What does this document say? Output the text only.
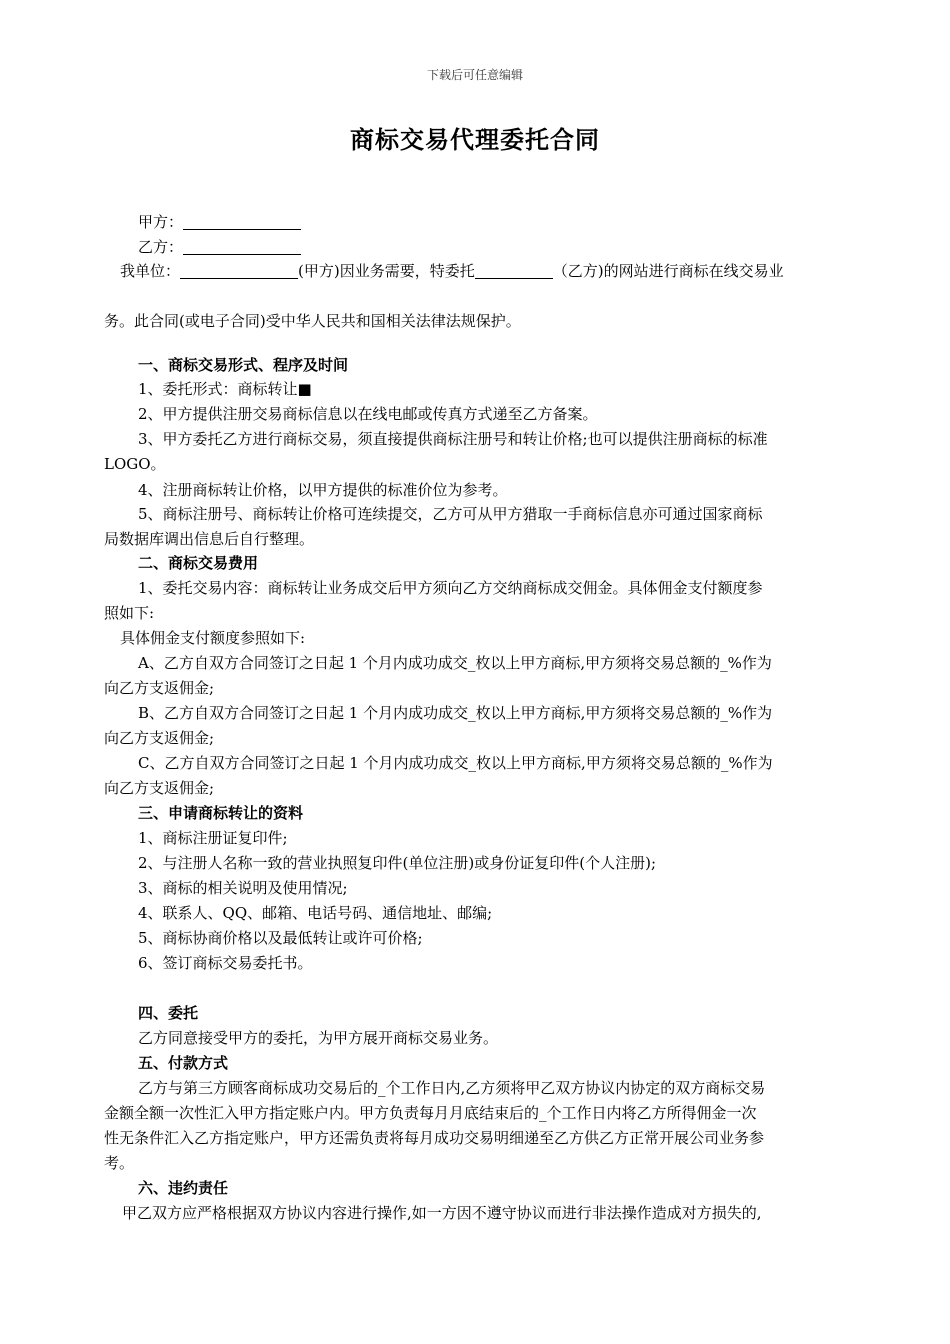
下载后可任意编辑
商标交易代理委托合同
甲方：
乙方：
我单位：	(甲方)因业务需要，特委托	（乙方)的网站进行商标在线交易业
务。此合同(或电子合同)受中华人民共和国相关法律法规保护。
一、商标交易形式、程序及时间
1、委托形式：商标转让■
2、甲方提供注册交易商标信息以在线电邮或传真方式递至乙方备案。
3、甲方委托乙方进行商标交易，须直接提供商标注册号和转让价格;也可以提供注册商标的标准
LOGO。
4、注册商标转让价格，以甲方提供的标准价位为参考。
5、商标注册号、商标转让价格可连续提交，乙方可从甲方猎取一手商标信息亦可通过国家商标
局数据库调出信息后自行整理。
二、商标交易费用
1、委托交易内容：商标转让业务成交后甲方须向乙方交纳商标成交佣金。具体佣金支付额度参
照如下:
具体佣金支付额度参照如下:
A、乙方自双方合同签订之日起 1 个月内成功成交_枚以上甲方商标,甲方须将交易总额的_%作为
向乙方支返佣金;
B、乙方自双方合同签订之日起 1 个月内成功成交_枚以上甲方商标,甲方须将交易总额的_%作为
向乙方支返佣金;
C、乙方自双方合同签订之日起 1 个月内成功成交_枚以上甲方商标,甲方须将交易总额的_%作为
向乙方支返佣金;
三、申请商标转让的资料
1、商标注册证复印件;
2、与注册人名称一致的营业执照复印件(单位注册)或身份证复印件(个人注册);
3、商标的相关说明及使用情况;
4、联系人、QQ、邮箱、电话号码、通信地址、邮编;
5、商标协商价格以及最低转让或许可价格;
6、签订商标交易委托书。
四、委托
乙方同意接受甲方的委托，为甲方展开商标交易业务。
五、付款方式
乙方与第三方顾客商标成功交易后的_个工作日内,乙方须将甲乙双方协议内协定的双方商标交易
金额全额一次性汇入甲方指定账户内。甲方负责每月月底结束后的_个工作日内将乙方所得佣金一次
性无条件汇入乙方指定账户，甲方还需负责将每月成功交易明细递至乙方供乙方正常开展公司业务参
考。
六、违约责任
甲乙双方应严格根据双方协议内容进行操作,如一方因不遵守协议而进行非法操作造成对方损失的,
